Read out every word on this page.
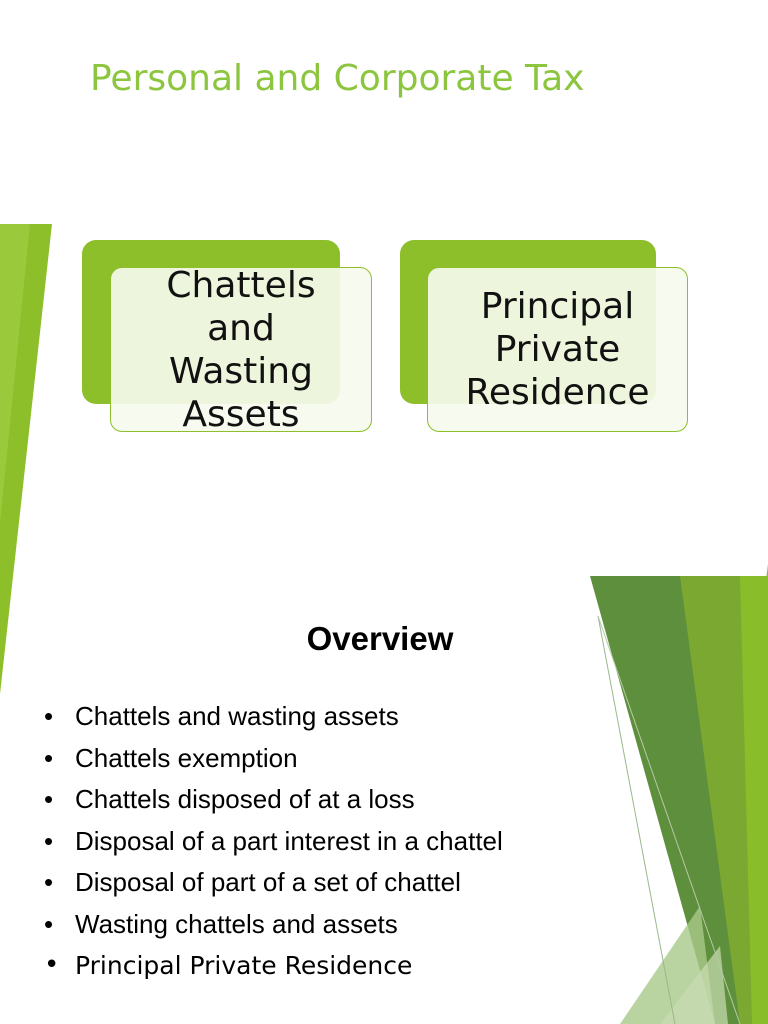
Personal and Corporate Tax
Chattels
and
Wasting
Assets
Principal
Private
Residence
Overview
• Chattels and wasting assets
• Chattels exemption
• Chattels disposed of at a loss
• Disposal of a part interest in a chattel
• Disposal of part of a set of chattel
• Wasting chattels and assets
• Principal Private Residence
